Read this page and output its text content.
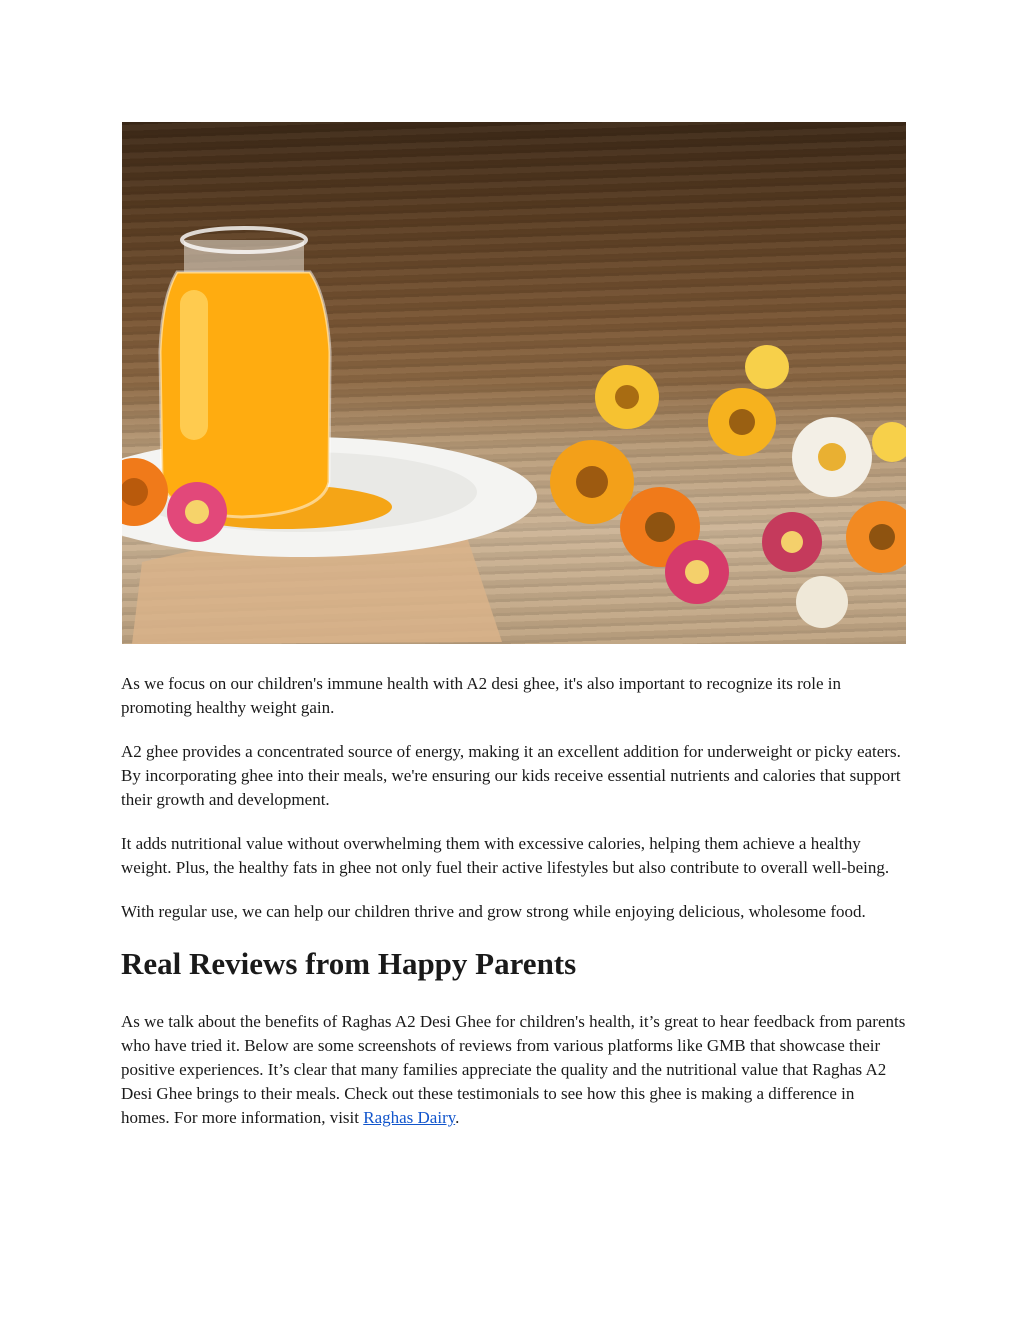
As we focus on our children's immune health with A2 desi ghee, it's also important to recognize its role in promoting healthy weight gain.

A2 ghee provides a concentrated source of energy, making it an excellent addition for underweight or picky eaters. By incorporating ghee into their meals, we're ensuring our kids receive essential nutrients and calories that support their growth and development.

It adds nutritional value without overwhelming them with excessive calories, helping them achieve a healthy weight. Plus, the healthy fats in ghee not only fuel their active lifestyles but also contribute to overall well-being.

With regular use, we can help our children thrive and grow strong while enjoying delicious, wholesome food.

Real Reviews from Happy Parents

As we talk about the benefits of Raghas A2 Desi Ghee for children's health, it’s great to hear feedback from parents who have tried it. Below are some screenshots of reviews from various platforms like GMB that showcase their positive experiences. It’s clear that many families appreciate the quality and the nutritional value that Raghas A2 Desi Ghee brings to their meals. Check out these testimonials to see how this ghee is making a difference in homes. For more information, visit Raghas Dairy.
